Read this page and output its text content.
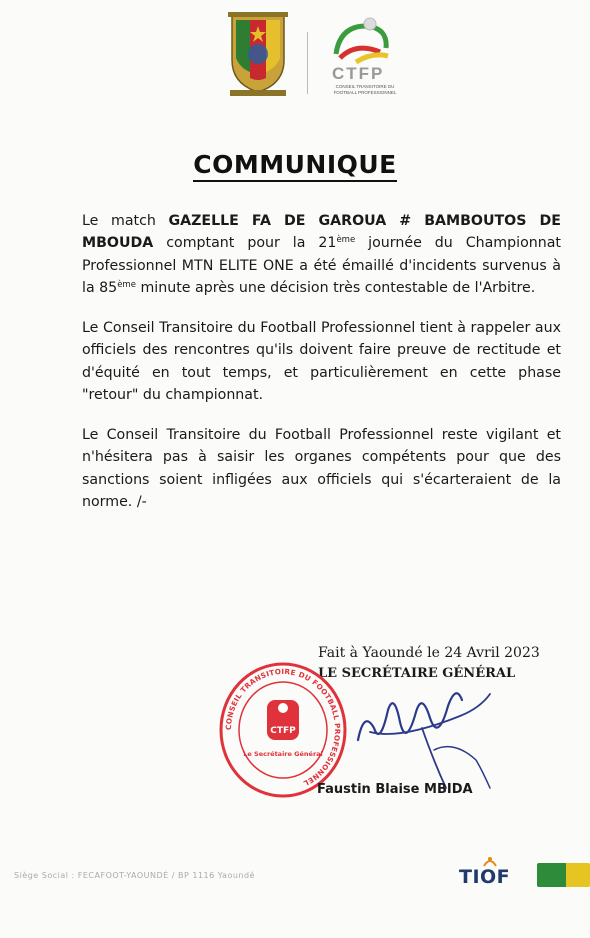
CTFP
CONSEIL TRANSITOIRE DU FOOTBALL PROFESSIONNEL
COMMUNIQUE

Le match GAZELLE FA DE GAROUA # BAMBOUTOS DE MBOUDA comptant pour la 21ème journée du Championnat Professionnel MTN ELITE ONE a été émaillé d'incidents survenus à la 85ème minute après une décision très contestable de l'Arbitre.

Le Conseil Transitoire du Football Professionnel tient à rappeler aux officiels des rencontres qu'ils doivent faire preuve de rectitude et d'équité en tout temps, et particulièrement en cette phase "retour" du championnat.

Le Conseil Transitoire du Football Professionnel reste vigilant et n'hésitera pas à saisir les organes compétents pour que des sanctions soient infligées aux officiels qui s'écarteraient de la norme. /-

Fait à Yaoundé le 24 Avril 2023
LE SECRÉTAIRE GÉNÉRAL
CONSEIL TRANSITOIRE DU FOOTBALL PROFESSIONNEL
CTFP
Le Secrétaire Général
Faustin Blaise MBIDA
Siège Social : FECAFOOT-YAOUNDÉ / BP 1116 Yaoundé	TIOF
